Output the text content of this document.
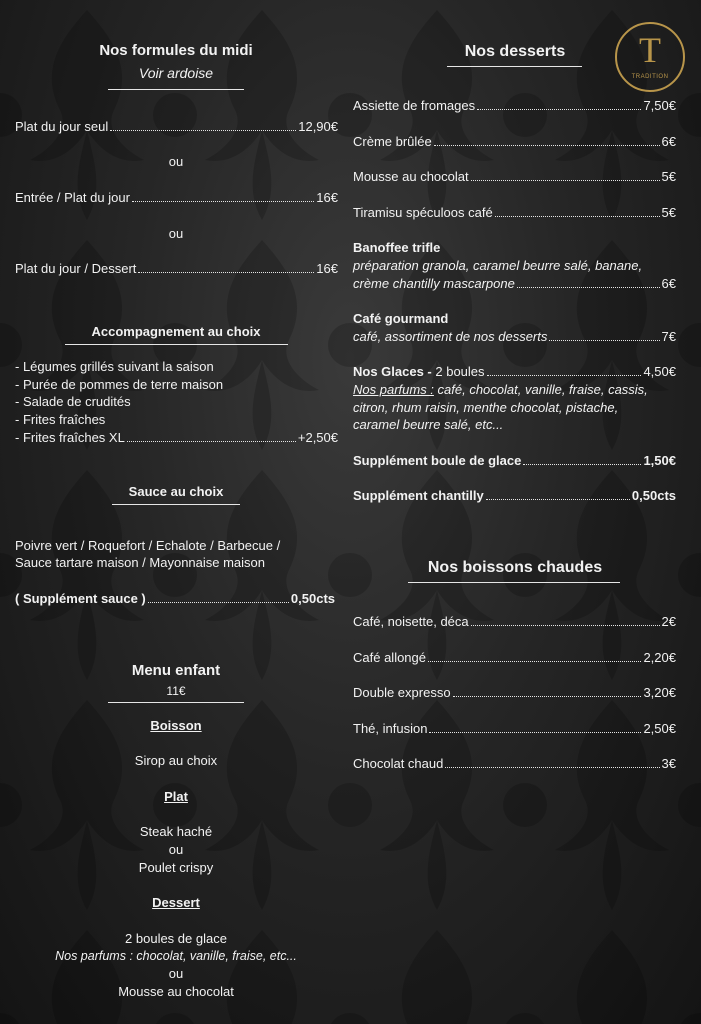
T
TRADITION
Nos formules du midi
Voir ardoise
Plat du jour seul	12,90€
ou
Entrée / Plat du jour	16€
ou
Plat du jour / Dessert	16€
Accompagnement au choix
- Légumes grillés suivant la saison
- Purée de pommes de terre maison
- Salade de crudités
- Frites fraîches
- Frites fraîches XL	+2,50€
Sauce au choix
Poivre vert / Roquefort / Echalote / Barbecue /
Sauce tartare maison / Mayonnaise maison
( Supplément sauce )	0,50cts
Menu enfant
11€
Boisson
Sirop au choix
Plat
Steak haché
ou
Poulet crispy
Dessert
2 boules de glace
Nos parfums : chocolat, vanille, fraise, etc...
ou
Mousse au chocolat
Nos desserts
Assiette de fromages	7,50€
Crème brûlée	6€
Mousse au chocolat	5€
Tiramisu spéculoos café	5€
Banoffee trifle
préparation granola, caramel beurre salé, banane,
crème chantilly mascarpone	6€
Café gourmand
café, assortiment de nos desserts	7€
Nos Glaces - 2 boules	4,50€
Nos parfums : café, chocolat, vanille, fraise, cassis,
citron, rhum raisin, menthe chocolat, pistache,
caramel beurre salé, etc...
Supplément boule de glace	1,50€
Supplément chantilly	0,50cts
Nos boissons chaudes
Café, noisette, déca	2€
Café allongé	2,20€
Double expresso	3,20€
Thé, infusion	2,50€
Chocolat chaud	3€
